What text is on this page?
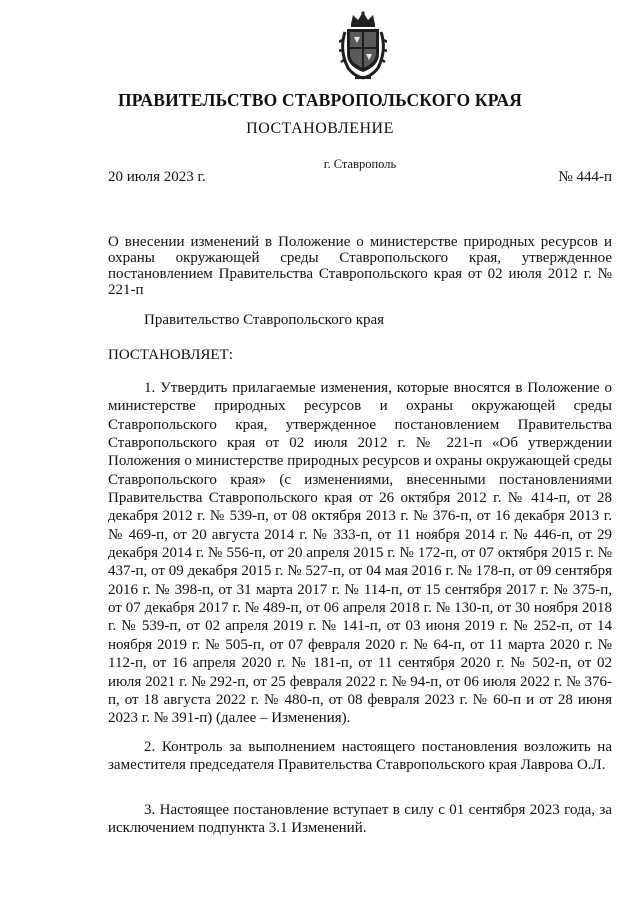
ПРАВИТЕЛЬСТВО СТАВРОПОЛЬСКОГО КРАЯ
ПОСТАНОВЛЕНИЕ
г. Ставрополь
20 июля 2023 г.	№ 444-п
О внесении изменений в Положение о министерстве природных ресурсов и охраны окружающей среды Ставропольского края, утвержденное постановлением Правительства Ставропольского края от 02 июля 2012 г. № 221-п
Правительство Ставропольского края
ПОСТАНОВЛЯЕТ:
1. Утвердить прилагаемые изменения, которые вносятся в Положение о министерстве природных ресурсов и охраны окружающей среды Ставропольского края, утвержденное постановлением Правительства Ставропольского края от 02 июля 2012 г. № 221-п «Об утверждении Положения о министерстве природных ресурсов и охраны окружающей среды Ставропольского края» (с изменениями, внесенными постановлениями Правительства Ставропольского края от 26 октября 2012 г. № 414-п, от 28 декабря 2012 г. № 539-п, от 08 октября 2013 г. № 376-п, от 16 декабря 2013 г. № 469-п, от 20 августа 2014 г. № 333-п, от 11 ноября 2014 г. № 446-п, от 29 декабря 2014 г. № 556-п, от 20 апреля 2015 г. № 172-п, от 07 октября 2015 г. № 437-п, от 09 декабря 2015 г. № 527-п, от 04 мая 2016 г. № 178-п, от 09 сентября 2016 г. № 398-п, от 31 марта 2017 г. № 114-п, от 15 сентября 2017 г. № 375-п, от 07 декабря 2017 г. № 489-п, от 06 апреля 2018 г. № 130-п, от 30 ноября 2018 г. № 539-п, от 02 апреля 2019 г. № 141-п, от 03 июня 2019 г. № 252-п, от 14 ноября 2019 г. № 505-п, от 07 февраля 2020 г. № 64-п, от 11 марта 2020 г. № 112-п, от 16 апреля 2020 г. № 181-п, от 11 сентября 2020 г. № 502-п, от 02 июля 2021 г. № 292-п, от 25 февраля 2022 г. № 94-п, от 06 июля 2022 г. № 376-п, от 18 августа 2022 г. № 480-п, от 08 февраля 2023 г. № 60-п и от 28 июня 2023 г. № 391-п) (далее – Изменения).
2. Контроль за выполнением настоящего постановления возложить на заместителя председателя Правительства Ставропольского края Лаврова О.Л.
3. Настоящее постановление вступает в силу с 01 сентября 2023 года, за исключением подпункта 3.1 Изменений.
